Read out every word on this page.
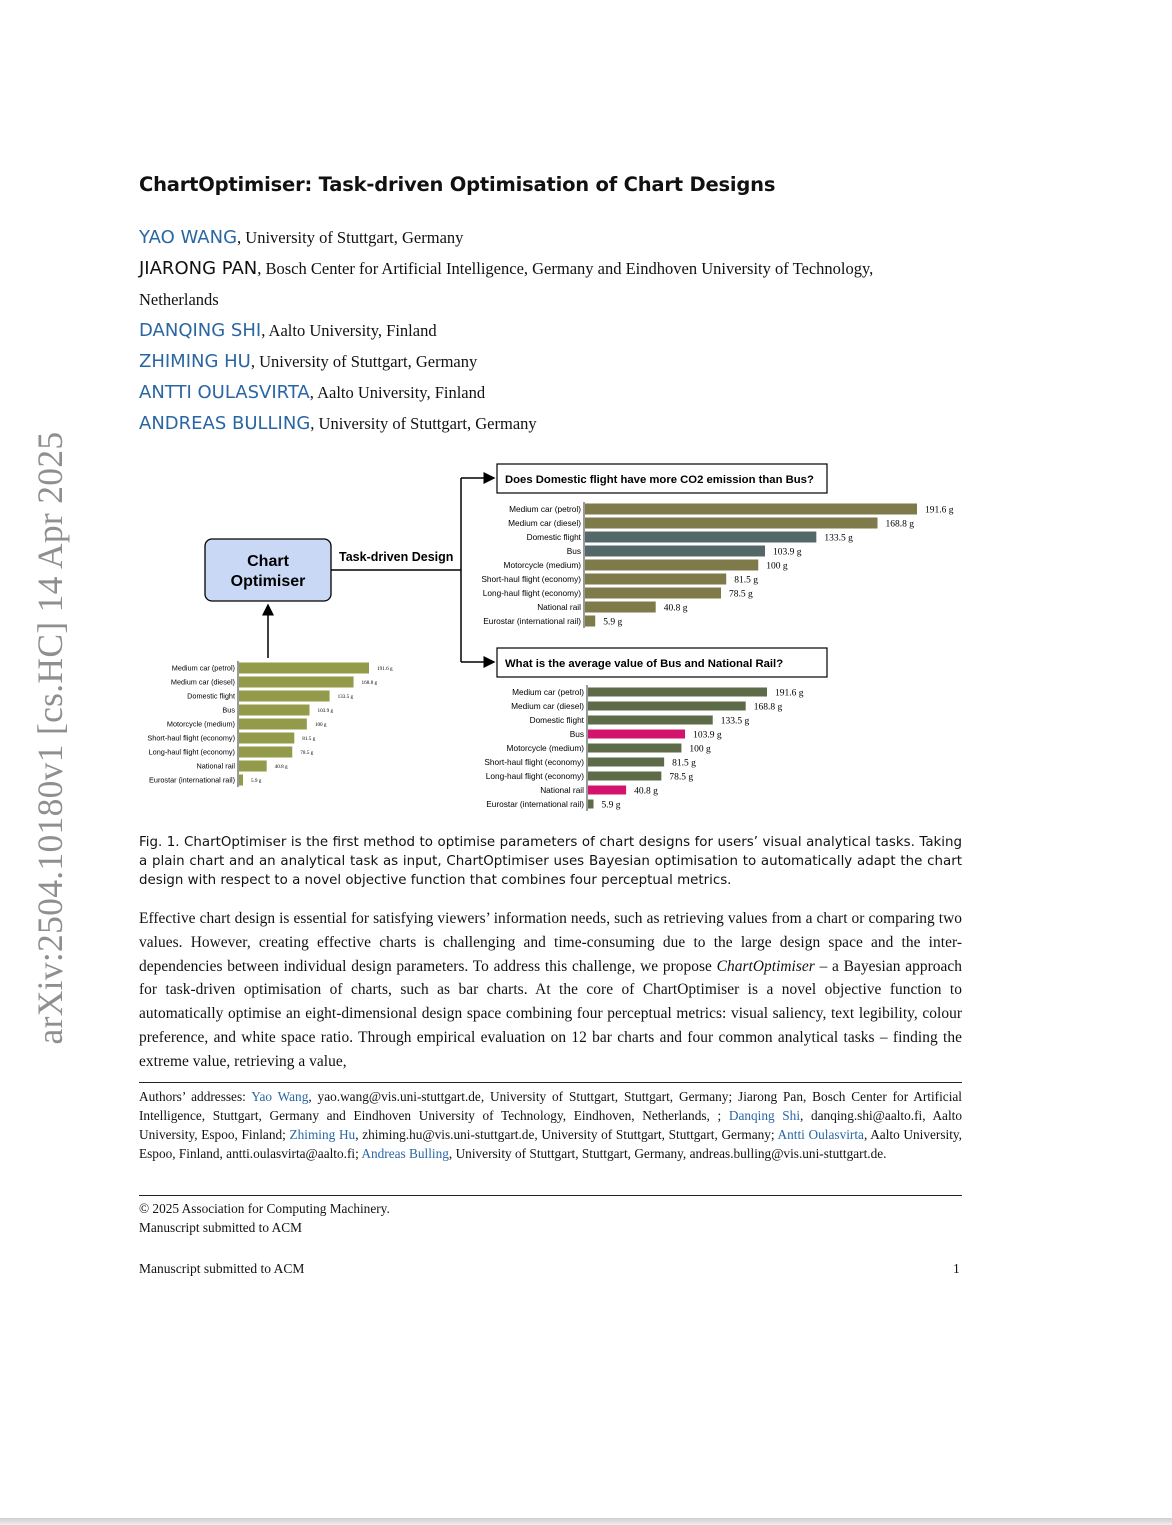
arXiv:2504.10180v1 [cs.HC] 14 Apr 2025
ChartOptimiser: Task-driven Optimisation of Chart Designs
YAO WANG, University of Stuttgart, Germany
JIARONG PAN, Bosch Center for Artificial Intelligence, Germany and Eindhoven University of Technology,
Netherlands
DANQING SHI, Aalto University, Finland
ZHIMING HU, University of Stuttgart, Germany
ANTTI OULASVIRTA, Aalto University, Finland
ANDREAS BULLING, University of Stuttgart, Germany
Chart
Optimiser
Task-driven Design
Does Domestic flight have more CO2 emission than Bus?
What is the average value of Bus and National Rail?
Medium car (petrol)	191.6 g
Medium car (diesel)	168.8 g
Domestic flight	133.5 g
Bus	103.9 g
Motorcycle (medium)	100 g
Short-haul flight (economy)	81.5 g
Long-haul flight (economy)	78.5 g
National rail	40.8 g
Eurostar (international rail)	5.9 g
Medium car (petrol)	191.6 g
Medium car (diesel)	168.8 g
Domestic flight	133.5 g
Bus	103.9 g
Motorcycle (medium)	100 g
Short-haul flight (economy)	81.5 g
Long-haul flight (economy)	78.5 g
National rail	40.8 g
Eurostar (international rail) 5.9 g
Medium car (petrol)	191.6 g
Medium car (diesel)	168.8 g
Domestic flight	133.5 g
Bus	103.9 g
Motorcycle (medium)	100 g
Short-haul flight (economy)	81.5 g
Long-haul flight (economy)	78.5 g
National rail	40.8 g
Eurostar (international rail) 5.9 g
Fig. 1. ChartOptimiser is the first method to optimise parameters of chart designs for users’ visual analytical tasks. Taking a plain chart and an analytical task as input, ChartOptimiser uses Bayesian optimisation to automatically adapt the chart design with respect to a novel objective function that combines four perceptual metrics.
Effective chart design is essential for satisfying viewers’ information needs, such as retrieving values from a chart or comparing two values. However, creating effective charts is challenging and time-consuming due to the large design space and the inter-dependencies between individual design parameters. To address this challenge, we propose ChartOptimiser – a Bayesian approach for task-driven optimisation of charts, such as bar charts. At the core of ChartOptimiser is a novel objective function to automatically optimise an eight-dimensional design space combining four perceptual metrics: visual saliency, text legibility, colour preference, and white space ratio. Through empirical evaluation on 12 bar charts and four common analytical tasks – finding the extreme value, retrieving a value,
Authors’ addresses: Yao Wang, yao.wang@vis.uni-stuttgart.de, University of Stuttgart, Stuttgart, Germany; Jiarong Pan, Bosch Center for Artificial Intelligence, Stuttgart, Germany and Eindhoven University of Technology, Eindhoven, Netherlands, ; Danqing Shi, danqing.shi@aalto.fi, Aalto University, Espoo, Finland; Zhiming Hu, zhiming.hu@vis.uni-stuttgart.de, University of Stuttgart, Stuttgart, Germany; Antti Oulasvirta, Aalto University, Espoo, Finland, antti.oulasvirta@aalto.fi; Andreas Bulling, University of Stuttgart, Stuttgart, Germany, andreas.bulling@vis.uni-stuttgart.de.
© 2025 Association for Computing Machinery.
Manuscript submitted to ACM
Manuscript submitted to ACM	1
